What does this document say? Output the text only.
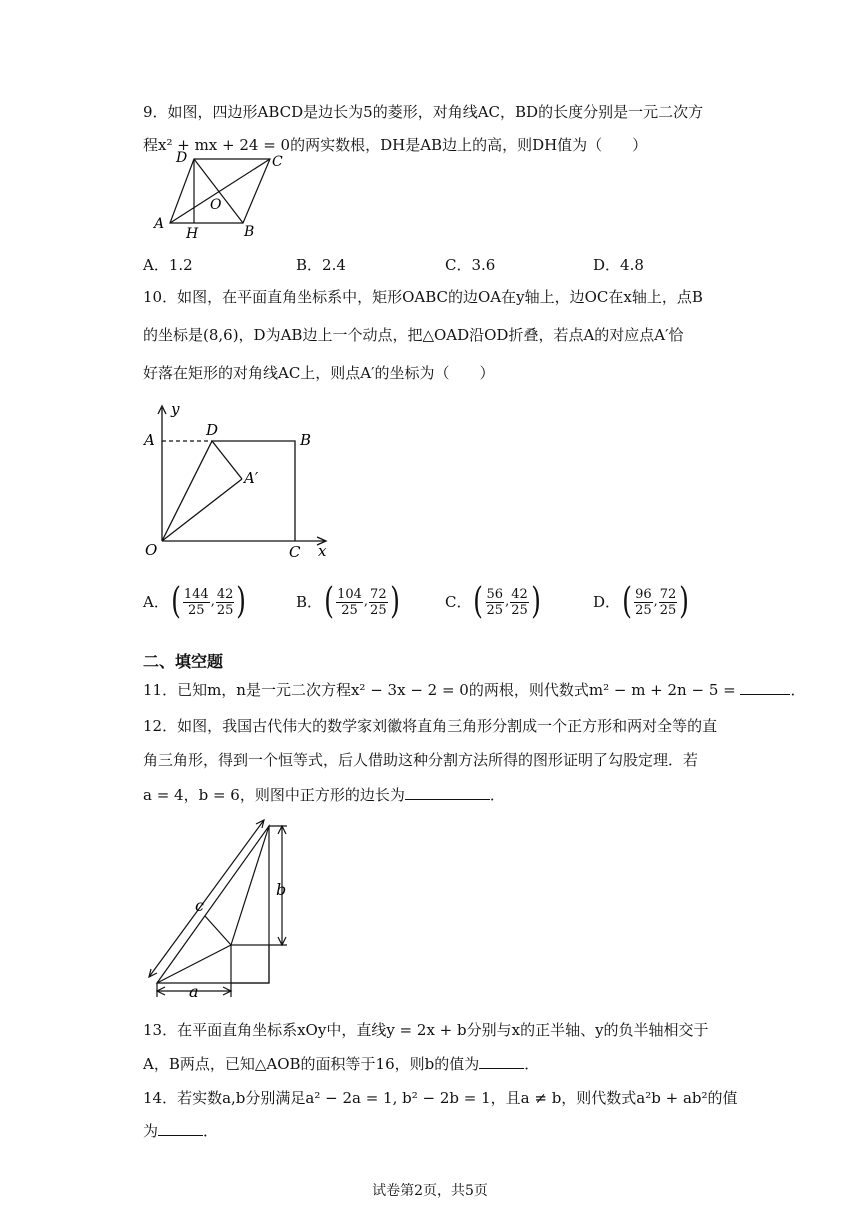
9．如图，四边形ABCD是边长为5的菱形，对角线AC，BD的长度分别是一元二次方
程x² + mx + 24 = 0的两实数根，DH是AB边上的高，则DH值为（　　）
D	C
O
A
H	B
A．1.2	B．2.4	C．3.6	D．4.8
10．如图，在平面直角坐标系中，矩形OABC的边OA在y轴上，边OC在x轴上，点B
的坐标是(8,6)，D为AB边上一个动点，把△OAD沿OD折叠，若点A的对应点A′恰
好落在矩形的对角线AC上，则点A′的坐标为（　　）
y
A
D
B
A′
O	C x
A． ( $\frac{144}{25}$ , $\frac{42}{25}$ )	B． ( $\frac{104}{25}$ , $\frac{72}{25}$ )	C． ( $\frac{56}{25}$ , $\frac{42}{25}$ )	D． ( $\frac{96}{25}$ , $\frac{72}{25}$ )
二、填空题
11．已知m，n是一元二次方程x² − 3x − 2 = 0的两根，则代数式m² − m + 2n − 5 =	．
12．如图，我国古代伟大的数学家刘徽将直角三角形分割成一个正方形和两对全等的直
角三角形，得到一个恒等式，后人借助这种分割方法所得的图形证明了勾股定理．若
a = 4，b = 6，则图中正方形的边长为	．
c
b
a
13．在平面直角坐标系xOy中，直线y = 2x + b分别与x的正半轴、y的负半轴相交于
A，B两点，已知△AOB的面积等于16，则b的值为	．
14．若实数a,b分别满足a² − 2a = 1, b² − 2b = 1，且a ≠ b，则代数式a²b + ab²的值
为	．
试卷第2页，共5页
